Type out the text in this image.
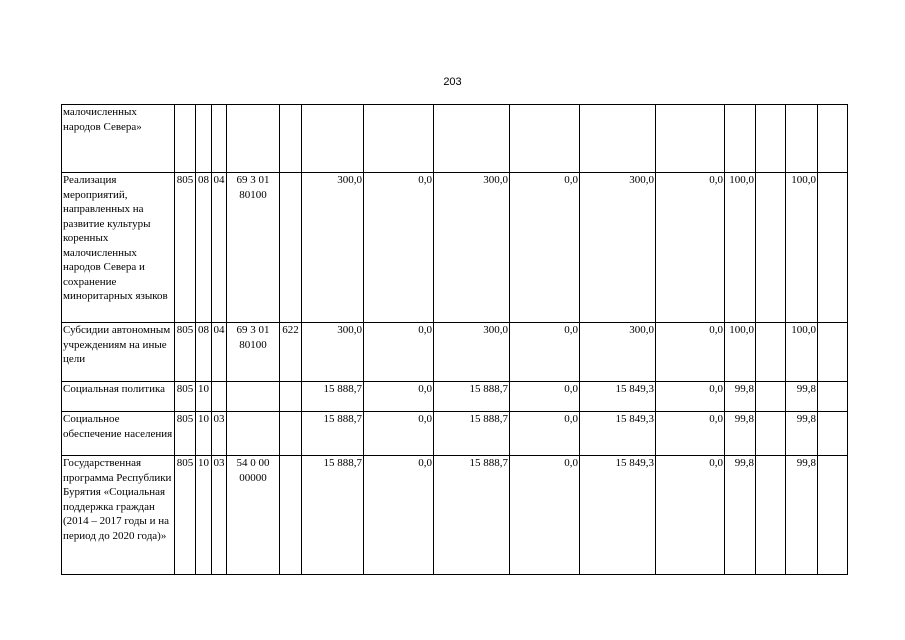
203
малочисленных народов Севера»															
Реализация мероприятий, направленных на развитие культуры коренных малочисленных народов Севера и сохранение миноритарных языков	805	08	04	69 3 01 80100		300,0	0,0	300,0	0,0	300,0	0,0	100,0		100,0	
Субсидии автономным учреждениям на иные цели	805	08	04	69 3 01 80100	622	300,0	0,0	300,0	0,0	300,0	0,0	100,0		100,0	
Социальная политика	805	10				15 888,7	0,0	15 888,7	0,0	15 849,3	0,0	99,8		99,8	
Социальное обеспечение населения	805	10	03			15 888,7	0,0	15 888,7	0,0	15 849,3	0,0	99,8		99,8	
Государственная программа Республики Бурятия «Социальная поддержка граждан (2014 – 2017 годы и на период до 2020 года)»	805	10	03	54 0 00 00000		15 888,7	0,0	15 888,7	0,0	15 849,3	0,0	99,8		99,8	
